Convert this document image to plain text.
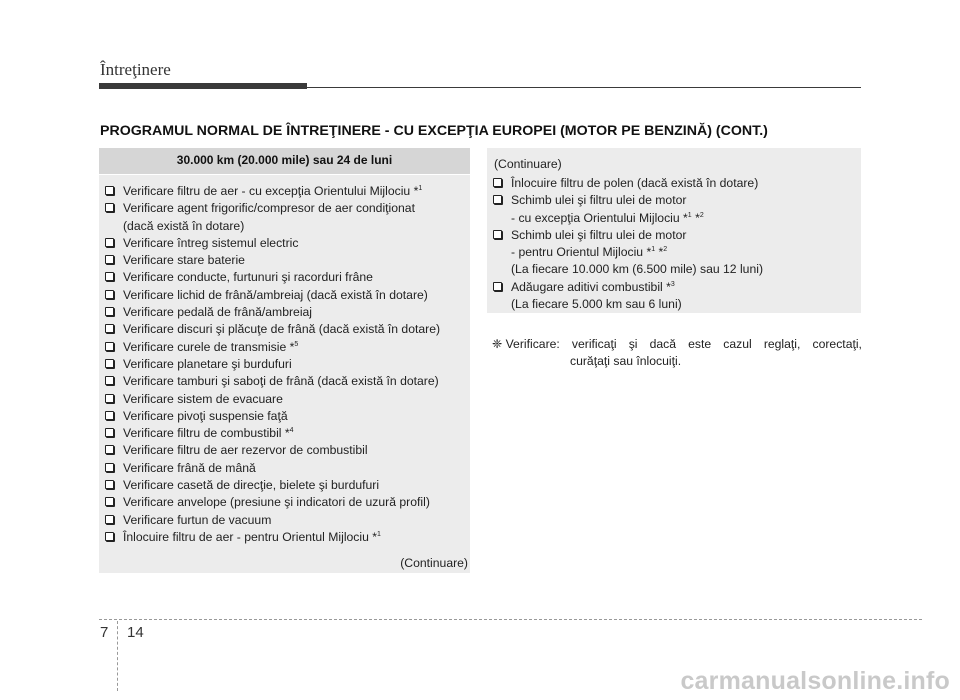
Întreţinere
PROGRAMUL NORMAL DE ÎNTREŢINERE - CU EXCEPŢIA EUROPEI (MOTOR PE BENZINĂ) (CONT.)
30.000 km (20.000 mile) sau 24 de luni
Verificare filtru de aer - cu excepţia Orientului Mijlociu *$^1$
Verificare agent frigorific/compresor de aer condiţionat
(dacă există în dotare)
Verificare întreg sistemul electric
Verificare stare baterie
Verificare conducte, furtunuri şi racorduri frâne
Verificare lichid de frână/ambreiaj (dacă există în dotare)
Verificare pedală de frână/ambreiaj
Verificare discuri şi plăcuţe de frână (dacă există în dotare)
Verificare curele de transmisie *$^5$
Verificare planetare şi burdufuri
Verificare tamburi şi saboţi de frână (dacă există în dotare)
Verificare sistem de evacuare
Verificare pivoţi suspensie faţă
Verificare filtru de combustibil *$^4$
Verificare filtru de aer rezervor de combustibil
Verificare frână de mână
Verificare casetă de direcţie, bielete şi burdufuri
Verificare anvelope (presiune şi indicatori de uzură profil)
Verificare furtun de vacuum
Înlocuire filtru de aer - pentru Orientul Mijlociu *$^1$
(Continuare)
(Continuare)
Înlocuire filtru de polen (dacă există în dotare)
Schimb ulei şi filtru ulei de motor
- cu excepţia Orientului Mijlociu *$^1$ *$^2$
Schimb ulei şi filtru ulei de motor
- pentru Orientul Mijlociu *$^1$ *$^2$
(La fiecare 10.000 km (6.500 mile) sau 12 luni)
Adăugare aditivi combustibil *$^3$
(La fiecare 5.000 km sau 6 luni)
❈ Verificare: verificaţi şi dacă este cazul reglaţi, corectaţi,
curăţaţi sau înlocuiţi.
7 14
carmanualsonline.info
